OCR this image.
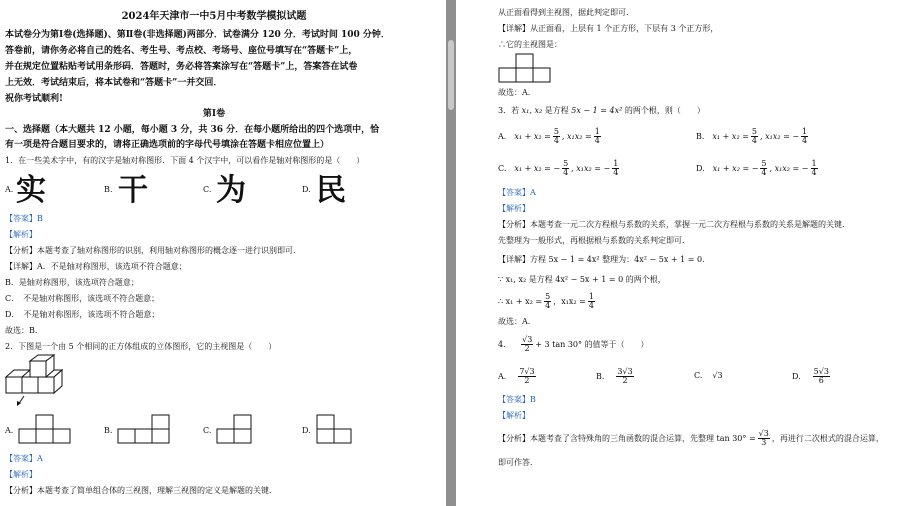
2024年天津市一中5月中考数学模拟试题
本试卷分为第Ⅰ卷(选择题)、第Ⅱ卷(非选择题)两部分．试卷满分 120 分．考试时间 100 分钟．
答卷前，请你务必将自己的姓名、考生号、考点校、考场号、座位号填写在“答题卡”上，
并在规定位置粘贴考试用条形码．答题时，务必将答案涂写在“答题卡”上，答案答在试卷
上无效．考试结束后，将本试卷和“答题卡”一并交回．
祝你考试顺利!
第Ⅰ卷
一、选择题（本大题共 12 小题，每小题 3 分，共 36 分．在每小题所给出的四个选项中，恰
有一项是符合题目要求的，请将正确选项前的字母代号填涂在答题卡相应位置上）
1．在一些美术字中，有的汉字是轴对称图形．下面 4 个汉字中，可以看作是轴对称图形的是（　　）
A. 实	B. 干	C. 为	D. 民
【答案】B
【解析】
【分析】本题考查了轴对称图形的识别，利用轴对称图形的概念逐一进行识别即可．
【详解】A．不是轴对称图形，该选项不符合题意；
B．是轴对称图形，该选项符合题意；
C．　不是轴对称图形，该选项不符合题意；
D．　不是轴对称图形，该选项不符合题意；
故选：B．
2．下图是一个由 5 个相同的正方体组成的立体图形，它的主视图是（　　）
A.	B.	C.	D.
【答案】A
【解析】
【分析】本题考查了简单组合体的三视图，理解三视图的定义是解题的关键．
从正面看得到主视图，据此判定即可．
【详解】从正面看，上层有 1 个正方形，下层有 3 个正方形，
∴它的主视图是：
故选：A．
3．若 x₁, x₂ 是方程 5x − 1 = 4x² 的两个根，则（　　）
A. $x_1 + x_2 = \frac{5}{4}$ , $x_1x_2 = \frac{1}{4}$	B. $x_1 + x_2 = \frac{5}{4}$ , x₁x₂ = − $\frac{1}{4}$
C. x₁ + x₂ = − $\frac{5}{4}$ , x₁x₂ = − $\frac{1}{4}$	D. x₁ + x₂ = − $\frac{5}{4}$ , x₁x₂ = − $\frac{1}{4}$
【答案】A
【解析】
【分析】本题考查一元二次方程根与系数的关系，掌握一元二次方程根与系数的关系是解题的关键．
先整理为一般形式，再根据根与系数的关系判定即可．
【详解】方程 5x − 1 = 4x² 整理为：4x² − 5x + 1 = 0．
∵ x₁, x₂ 是方程 4x² − 5x + 1 = 0 的两个根，
∴ $x_1 + x_2 = \frac{5}{4}$ ，$x_1x_2 = \frac{1}{4}$
故选：A．
4． $\frac{√3}{2} + 3$ tan 30° 的值等于（　　）
A. $\frac{7√3}{2}$	B. $\frac{3√3}{2}$	C. √3	D. $\frac{5√3}{6}$
【答案】B
【解析】
【分析】本题考查了含特殊角的三角函数的混合运算，先整理 $\tan 30^\circ = \frac{√3}{3}$ ，再进行二次根式的混合运算，
即可作答．
